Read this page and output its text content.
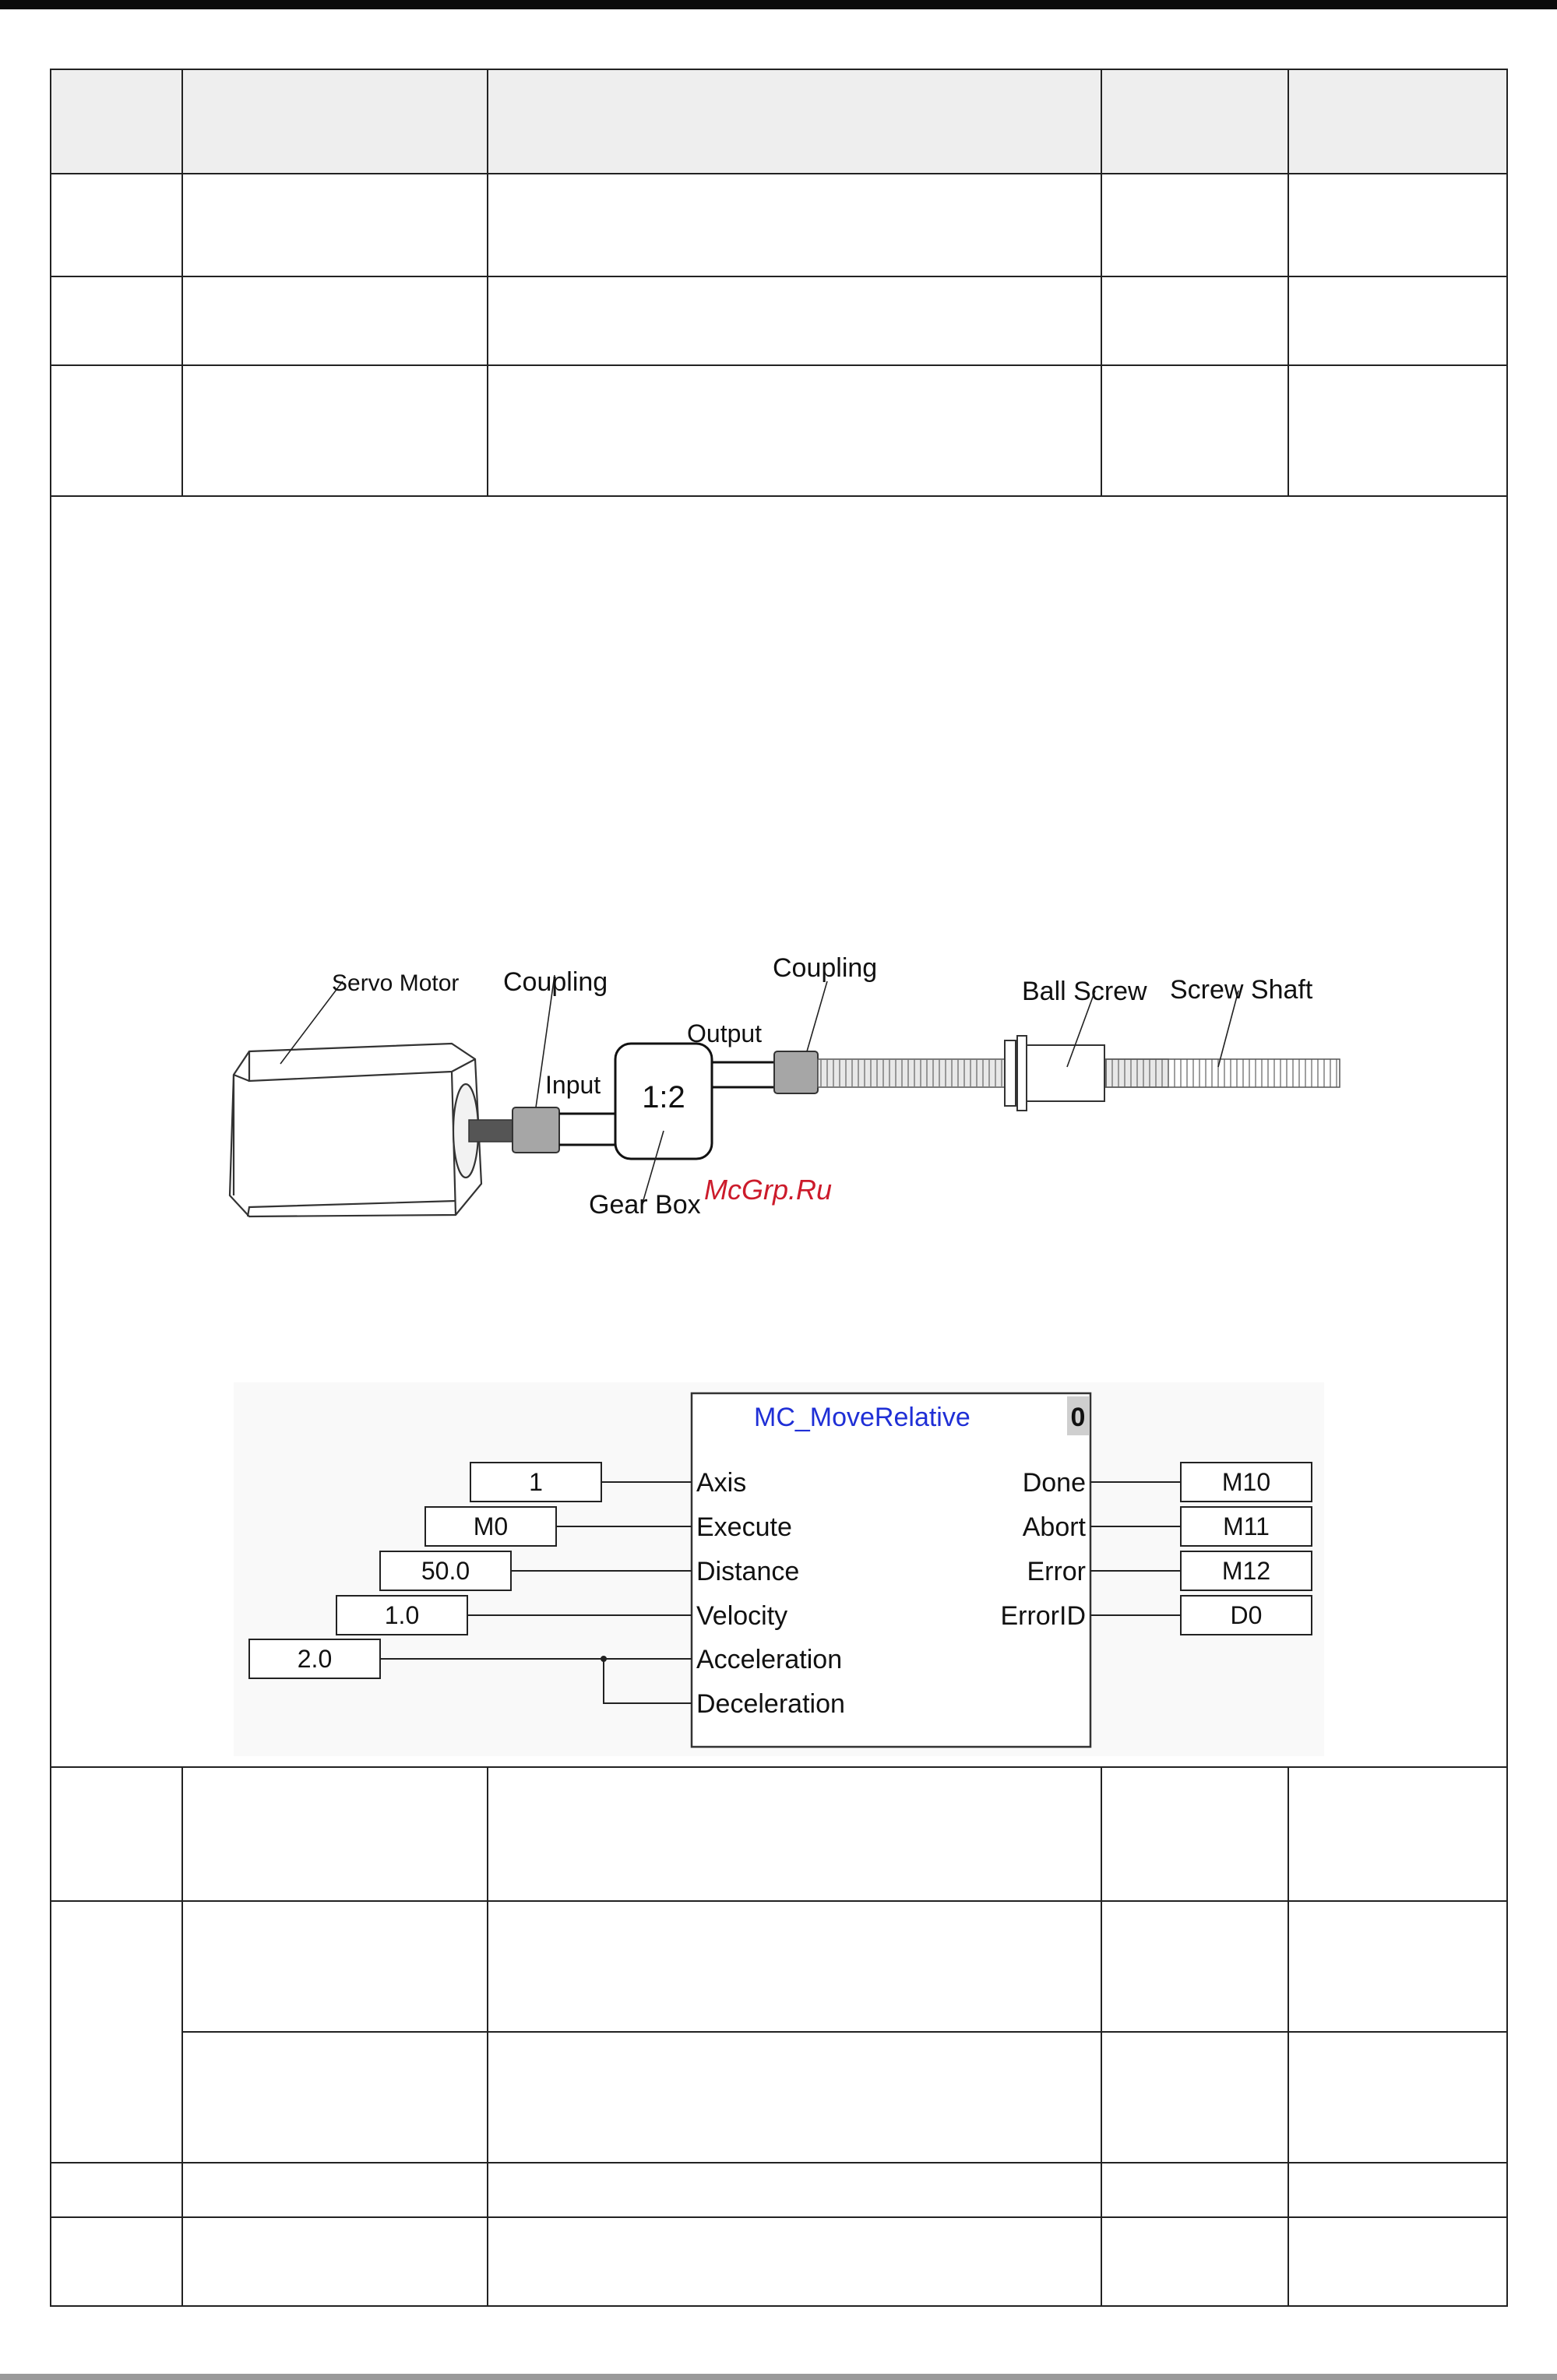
1:2
Servo Motor Coupling
Input
Output
Coupling
Ball Screw Screw Shaft
Gear Box McGrp.Ru
MC_MoveRelative	0
1
M0
50.0
1.0
2.0
Axis
Execute
Distance
Velocity
Acceleration
Deceleration
Done
Abort
Error
ErrorID
M10
M11
M12
D0
